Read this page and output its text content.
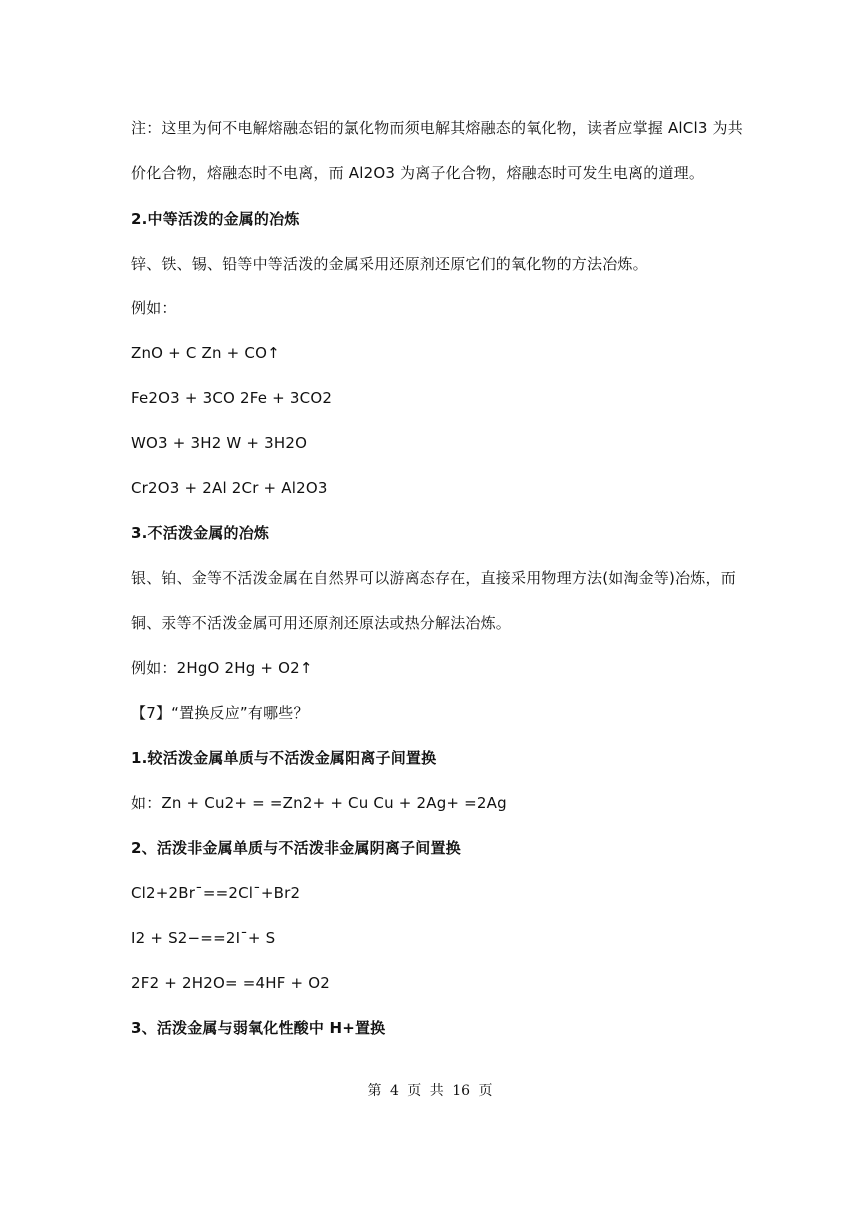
注：这里为何不电解熔融态铝的氯化物而须电解其熔融态的氧化物，读者应掌握 AlCl3 为共

价化合物，熔融态时不电离，而 Al2O3 为离子化合物，熔融态时可发生电离的道理。

2.中等活泼的金属的冶炼

锌、铁、锡、铅等中等活泼的金属采用还原剂还原它们的氧化物的方法冶炼。

例如：

ZnO + C Zn + CO↑

Fe2O3 + 3CO 2Fe + 3CO2

WO3 + 3H2 W + 3H2O

Cr2O3 + 2Al 2Cr + Al2O3

3.不活泼金属的冶炼

银、铂、金等不活泼金属在自然界可以游离态存在，直接采用物理方法(如淘金等)冶炼，而

铜、汞等不活泼金属可用还原剂还原法或热分解法冶炼。

例如：2HgO 2Hg + O2↑

【7】“置换反应”有哪些？

1.较活泼金属单质与不活泼金属阳离子间置换

如：Zn + Cu2+ = =Zn2+ + Cu Cu + 2Ag+ =2Ag

2、活泼非金属单质与不活泼非金属阴离子间置换

Cl2+2Br¯==2Cl¯+Br2

I2 + S2−==2I¯+ S

2F2 + 2H2O= =4HF + O2

3、活泼金属与弱氧化性酸中 H+置换

第 4 页 共 16 页
